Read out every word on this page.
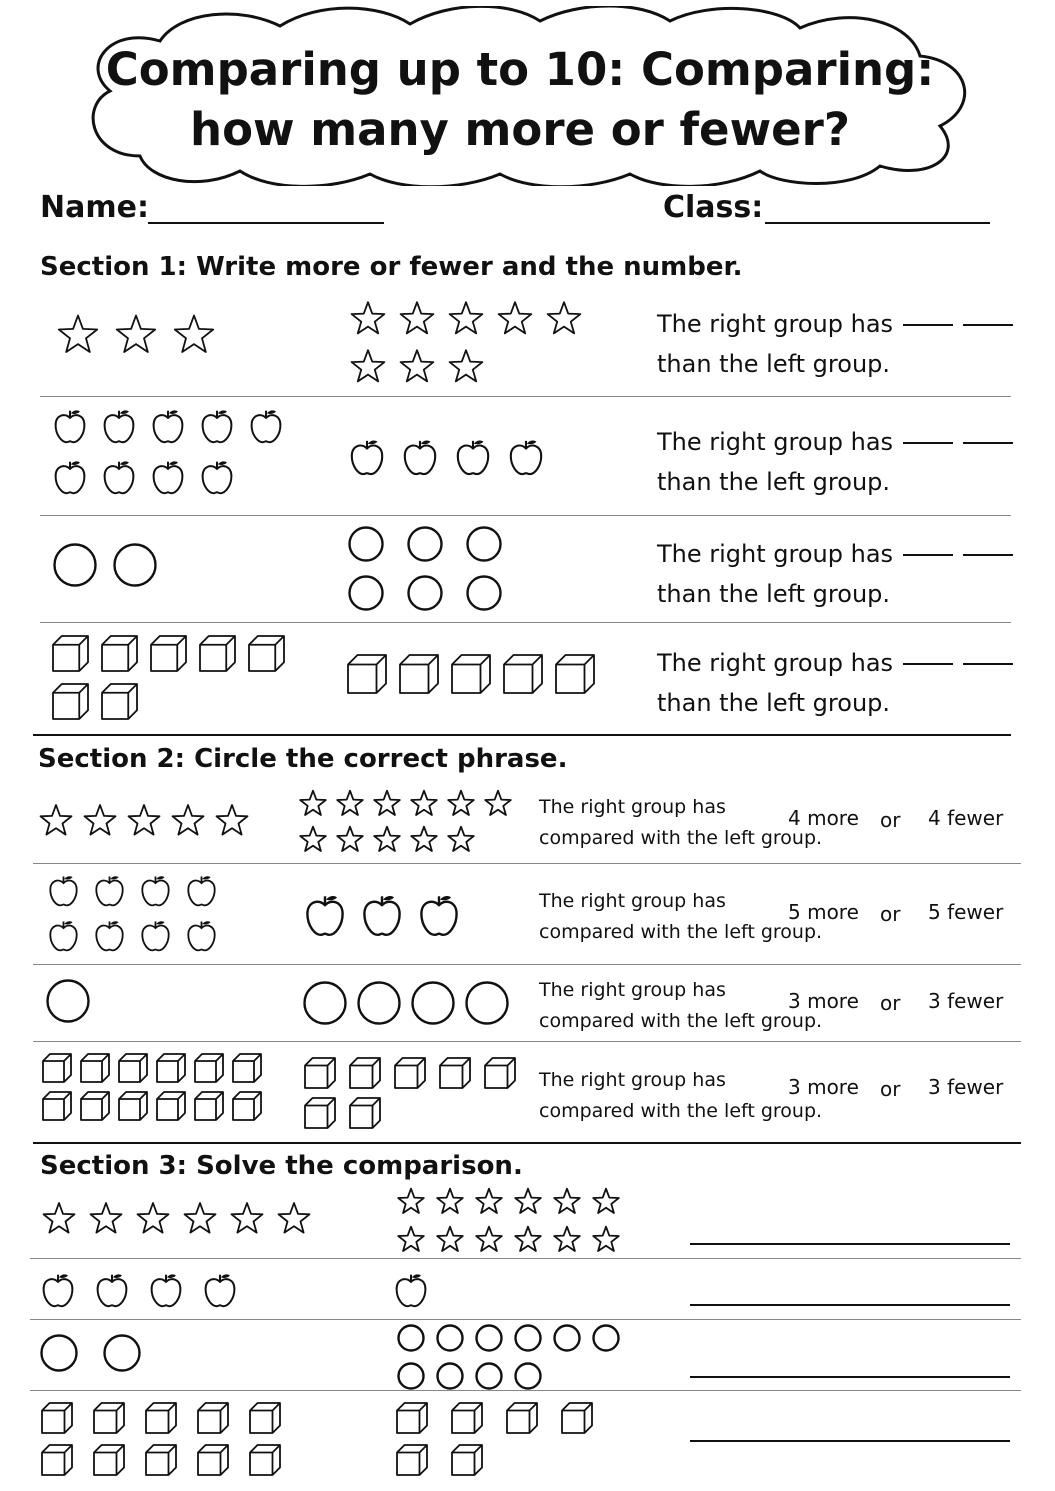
Comparing up to 10: Comparing:
how many more or fewer?
Name:	Class:
Section 1: Write more or fewer and the number.
The right group has
than the left group.
The right group has
than the left group.
The right group has
than the left group.
The right group has
than the left group.
Section 2: Circle the correct phrase.
The right group has
compared with the left group.
4 more or 4 fewer
The right group has
compared with the left group.
5 more or 5 fewer
The right group has
compared with the left group.
3 more or 3 fewer
The right group has
compared with the left group.
3 more or 3 fewer
Section 3: Solve the comparison.
